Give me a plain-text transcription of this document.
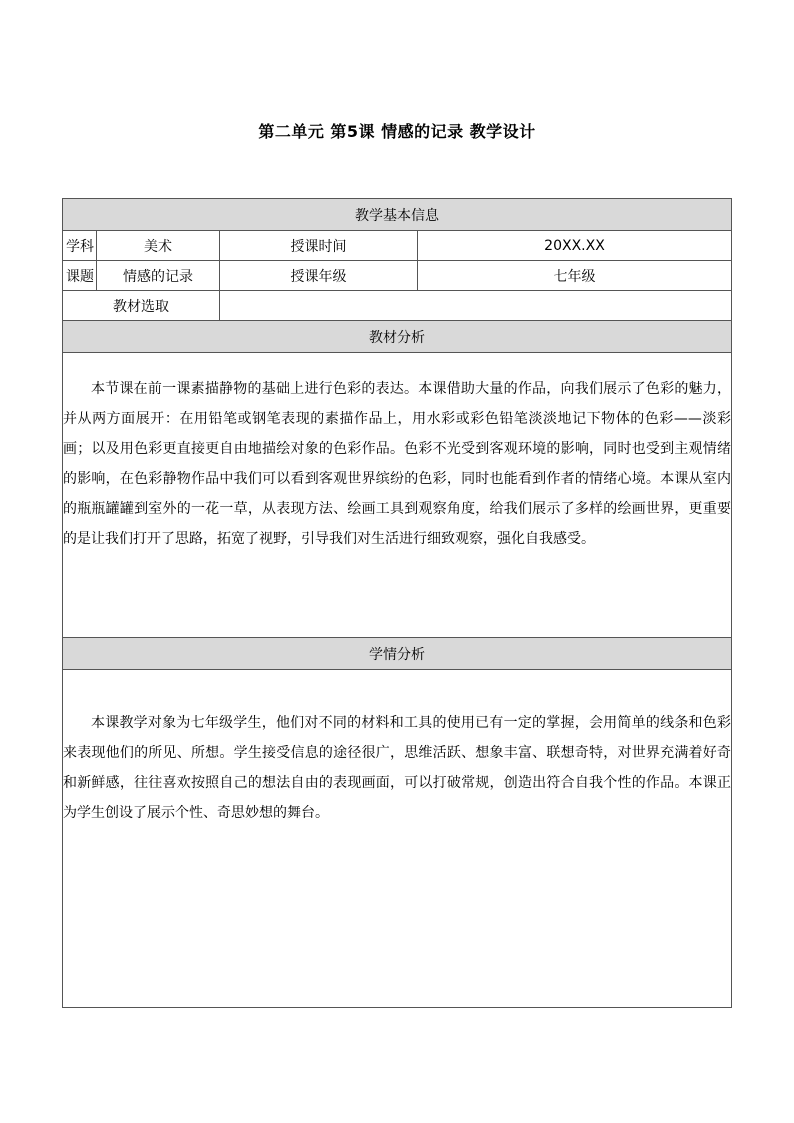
第二单元 第5课 情感的记录 教学设计
教学基本信息			
学科	美术	授课时间	20XX.XX
课题	情感的记录	授课年级	七年级
教材选取			
教材分析			

本节课在前一课素描静物的基础上进行色彩的表达。本课借助大量的作品，向我们展示了色彩的魅力，并从两方面展开：在用铅笔或钢笔表现的素描作品上，用水彩或彩色铅笔淡淡地记下物体的色彩——淡彩画；以及用色彩更直接更自由地描绘对象的色彩作品。色彩不光受到客观环境的影响，同时也受到主观情绪的影响，在色彩静物作品中我们可以看到客观世界缤纷的色彩，同时也能看到作者的情绪心境。本课从室内的瓶瓶罐罐到室外的一花一草，从表现方法、绘画工具到观察角度，给我们展示了多样的绘画世界，更重要的是让我们打开了思路，拓宽了视野，引导我们对生活进行细致观察，强化自我感受。			

学情分析			

本课教学对象为七年级学生，他们对不同的材料和工具的使用已有一定的掌握，会用简单的线条和色彩来表现他们的所见、所想。学生接受信息的途径很广，思维活跃、想象丰富、联想奇特，对世界充满着好奇和新鲜感，往往喜欢按照自己的想法自由的表现画面，可以打破常规，创造出符合自我个性的作品。本课正为学生创设了展示个性、奇思妙想的舞台。			
